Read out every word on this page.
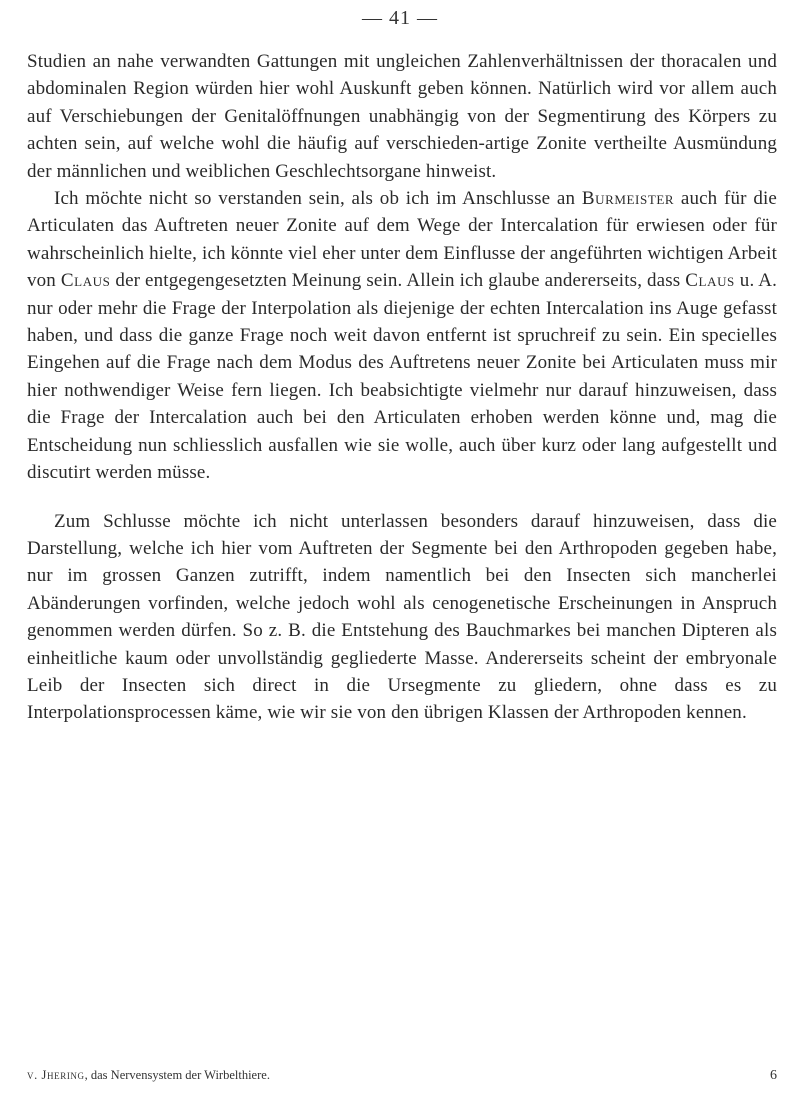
— 41 —

Studien an nahe verwandten Gattungen mit ungleichen Zahlenverhältnissen der thoracalen und abdominalen Region würden hier wohl Auskunft geben können. Natürlich wird vor allem auch auf Verschiebungen der Genitalöffnungen unabhängig von der Segmentirung des Körpers zu achten sein, auf welche wohl die häufig auf verschieden-artige Zonite vertheilte Ausmündung der männlichen und weiblichen Geschlechtsorgane hinweist.

Ich möchte nicht so verstanden sein, als ob ich im Anschlusse an Burmeister auch für die Articulaten das Auftreten neuer Zonite auf dem Wege der Intercalation für erwiesen oder für wahrscheinlich hielte, ich könnte viel eher unter dem Einflusse der angeführten wichtigen Arbeit von Claus der entgegengesetzten Meinung sein. Allein ich glaube andererseits, dass Claus u. A. nur oder mehr die Frage der Interpolation als diejenige der echten Intercalation ins Auge gefasst haben, und dass die ganze Frage noch weit davon entfernt ist spruchreif zu sein. Ein specielles Eingehen auf die Frage nach dem Modus des Auftretens neuer Zonite bei Articulaten muss mir hier nothwendiger Weise fern liegen. Ich beabsichtigte vielmehr nur darauf hinzuweisen, dass die Frage der Intercalation auch bei den Articulaten erhoben werden könne und, mag die Entscheidung nun schliesslich ausfallen wie sie wolle, auch über kurz oder lang aufgestellt und discutirt werden müsse.

Zum Schlusse möchte ich nicht unterlassen besonders darauf hinzuweisen, dass die Darstellung, welche ich hier vom Auftreten der Segmente bei den Arthropoden gegeben habe, nur im grossen Ganzen zutrifft, indem namentlich bei den Insecten sich mancherlei Abänderungen vorfinden, welche jedoch wohl als cenogenetische Erscheinungen in Anspruch genommen werden dürfen. So z. B. die Entstehung des Bauchmarkes bei manchen Dipteren als einheitliche kaum oder unvollständig gegliederte Masse. Andererseits scheint der embryonale Leib der Insecten sich direct in die Ursegmente zu gliedern, ohne dass es zu Interpolationsprocessen käme, wie wir sie von den übrigen Klassen der Arthropoden kennen.

v. Jhering, das Nervensystem der Wirbelthiere.	6
